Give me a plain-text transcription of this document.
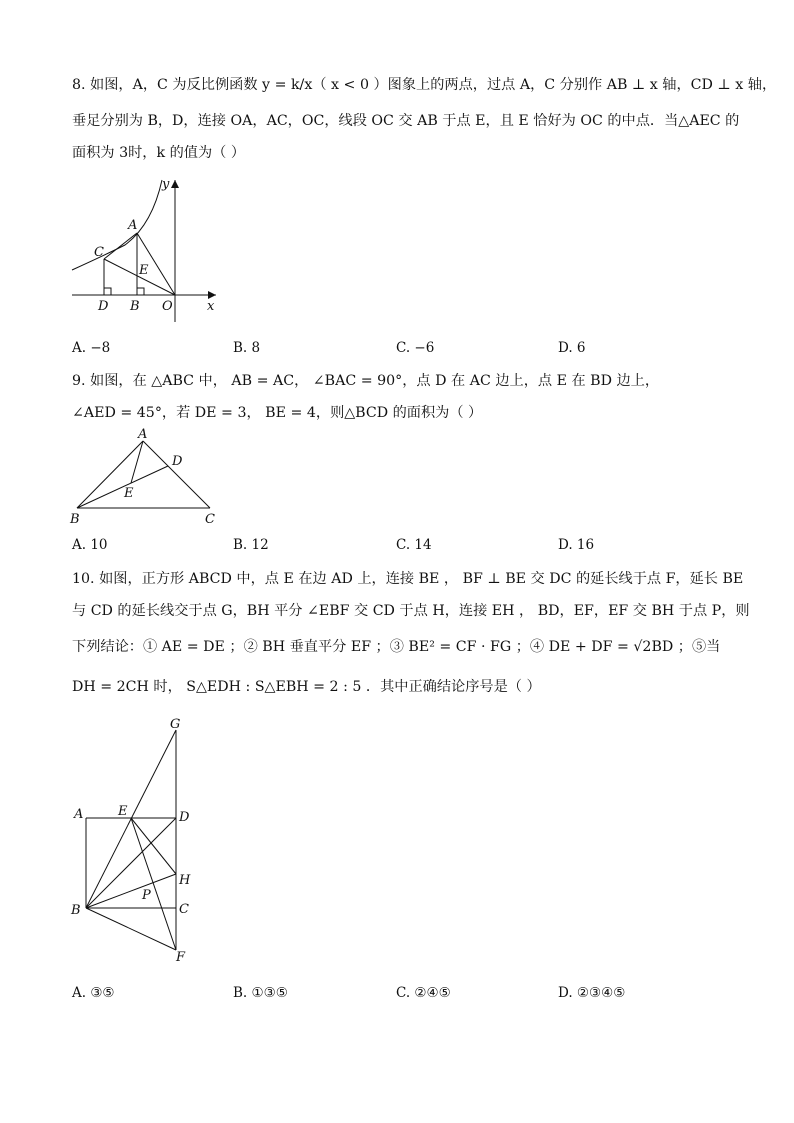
8. 如图，A，C 为反比例函数 y = k/x（ x < 0 ）图象上的两点，过点 A，C 分别作 AB ⊥ x 轴，CD ⊥ x 轴，
垂足分别为 B，D，连接 OA，AC，OC，线段 OC 交 AB 于点 E，且 E 恰好为 OC 的中点．当△AEC 的
面积为 3时，k 的值为（ ）
y
x
A
C
E
D B O
A. −8	B. 8	C. −6	D. 6
9. 如图，在 △ABC 中， AB = AC， ∠BAC = 90°，点 D 在 AC 边上，点 E 在 BD 边上，
∠AED = 45°，若 DE = 3， BE = 4，则△BCD 的面积为（ ）
A
D
E
B	C
A. 10	B. 12	C. 14	D. 16
10. 如图，正方形 ABCD 中，点 E 在边 AD 上，连接 BE ， BF ⊥ BE 交 DC 的延长线于点 F，延长 BE
与 CD 的延长线交于点 G，BH 平分 ∠EBF 交 CD 于点 H，连接 EH ， BD，EF，EF 交 BH 于点 P，则
下列结论：① AE = DE ；② BH 垂直平分 EF ；③ BE² = CF · FG ；④ DE + DF = √2BD ；⑤当
DH = 2CH 时， S△EDH : S△EBH = 2 : 5 ．其中正确结论序号是（ ）
G
A	E	D
H
P
B	C
F
A. ③⑤	B. ①③⑤	C. ②④⑤	D. ②③④⑤
